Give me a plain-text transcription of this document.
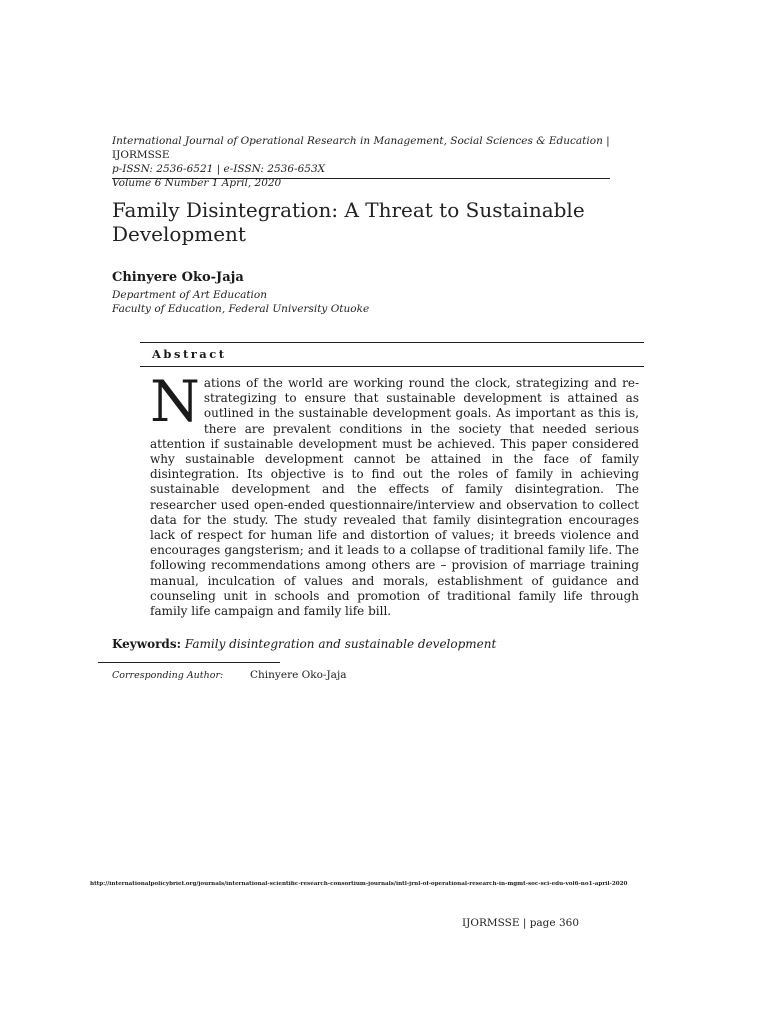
International Journal of Operational Research in Management, Social Sciences & Education | IJORMSSE
p-ISSN: 2536-6521 | e-ISSN: 2536-653X
Volume 6 Number 1 April, 2020
Family Disintegration: A Threat to Sustainable Development
Chinyere Oko-Jaja
Department of Art Education
Faculty of Education, Federal University Otuoke
Abstract
Nations of the world are working round the clock, strategizing and re-strategizing to ensure that sustainable development is attained as outlined in the sustainable development goals. As important as this is, there are prevalent conditions in the society that needed serious attention if sustainable development must be achieved. This paper considered why sustainable development cannot be attained in the face of family disintegration. Its objective is to find out the roles of family in achieving sustainable development and the effects of family disintegration. The researcher used open-ended questionnaire/interview and observation to collect data for the study. The study revealed that family disintegration encourages lack of respect for human life and distortion of values; it breeds violence and encourages gangsterism; and it leads to a collapse of traditional family life. The following recommendations among others are – provision of marriage training manual, inculcation of values and morals, establishment of guidance and counseling unit in schools and promotion of traditional family life through family life campaign and family life bill.
Keywords: Family disintegration and sustainable development
Corresponding Author:	Chinyere Oko-Jaja
http://internationalpolicybrief.org/journals/international-scientific-research-consortium-journals/intl-jrnl-of-operational-research-in-mgmt-soc-sci-edu-vol6-no1-april-2020
IJORMSSE | page 360
